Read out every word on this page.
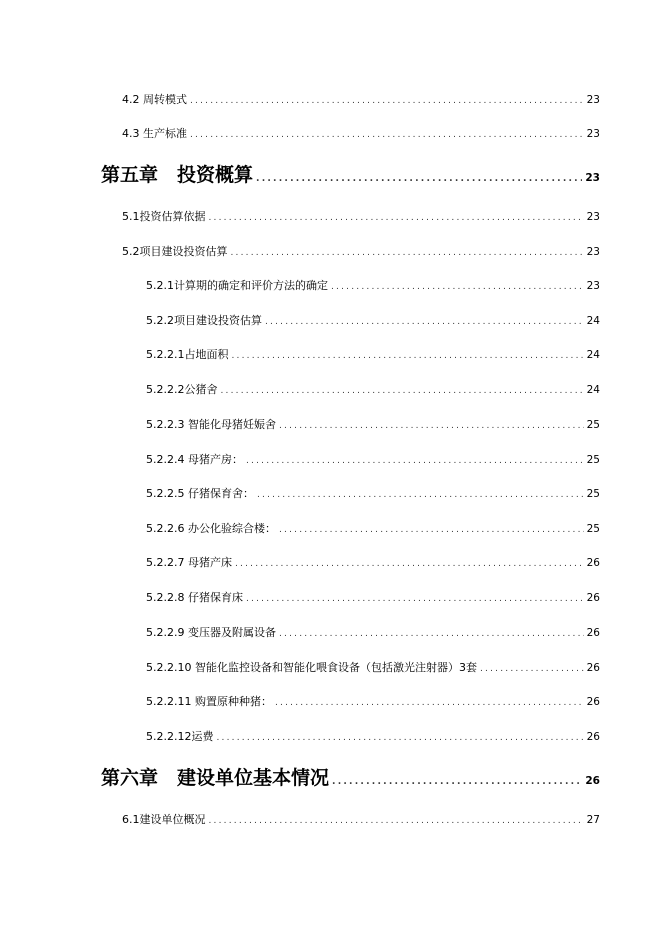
4.2 周转模式 .....	23
4.3 生产标准 .....	23
第五章　投资概算 .....	23
5.1投资估算依据 .....	23
5.2项目建设投资估算 .....	23
5.2.1计算期的确定和评价方法的确定 .....	23
5.2.2项目建设投资估算 .....	24
5.2.2.1占地面积 .....	24
5.2.2.2公猪舍 .....	24
5.2.2.3 智能化母猪妊娠舍 .....	25
5.2.2.4 母猪产房： .....	25
5.2.2.5 仔猪保育舍： .....	25
5.2.2.6 办公化验综合楼： .....	25
5.2.2.7 母猪产床 .....	26
5.2.2.8 仔猪保育床 .....	26
5.2.2.9 变压器及附属设备 .....	26
5.2.2.10 智能化监控设备和智能化喂食设备（包括激光注射器）3套 .....	26
5.2.2.11 购置原种种猪： .....	26
5.2.2.12运费 .....	26
第六章　建设单位基本情况 .....	26
6.1建设单位概况 .....	27
